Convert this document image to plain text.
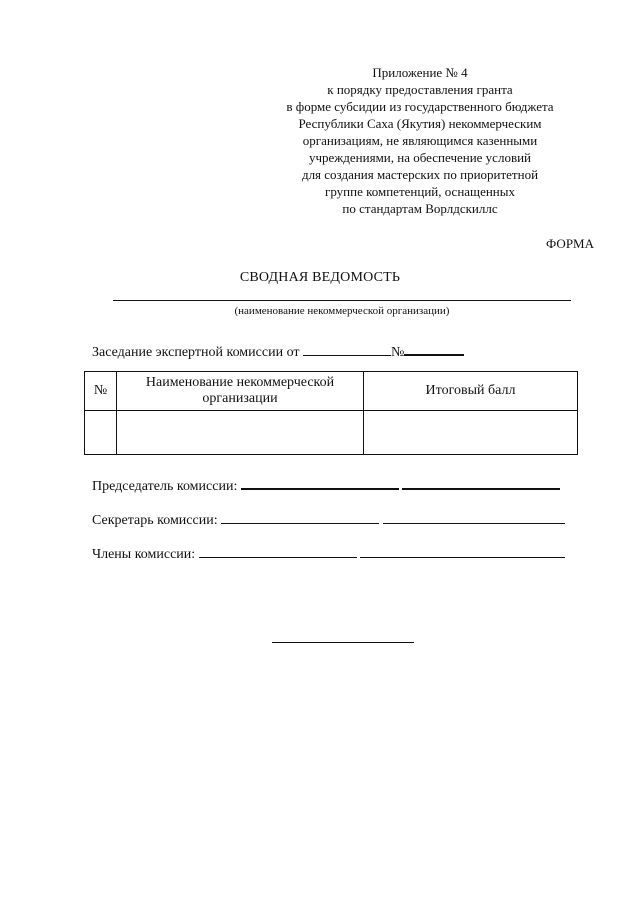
Приложение № 4
к порядку предоставления гранта
в форме субсидии из государственного бюджета
Республики Саха (Якутия) некоммерческим
организациям, не являющимся казенными
учреждениями, на обеспечение условий
для создания мастерских по приоритетной
группе компетенций, оснащенных
по стандартам Ворлдскиллс
ФОРМА
СВОДНАЯ ВЕДОМОСТЬ
(наименование некоммерческой организации)
Заседание экспертной комиссии от	№
№	Наименование некоммерческой организации	Итоговый балл

Председатель комиссии:
Секретарь комиссии:
Члены комиссии:
